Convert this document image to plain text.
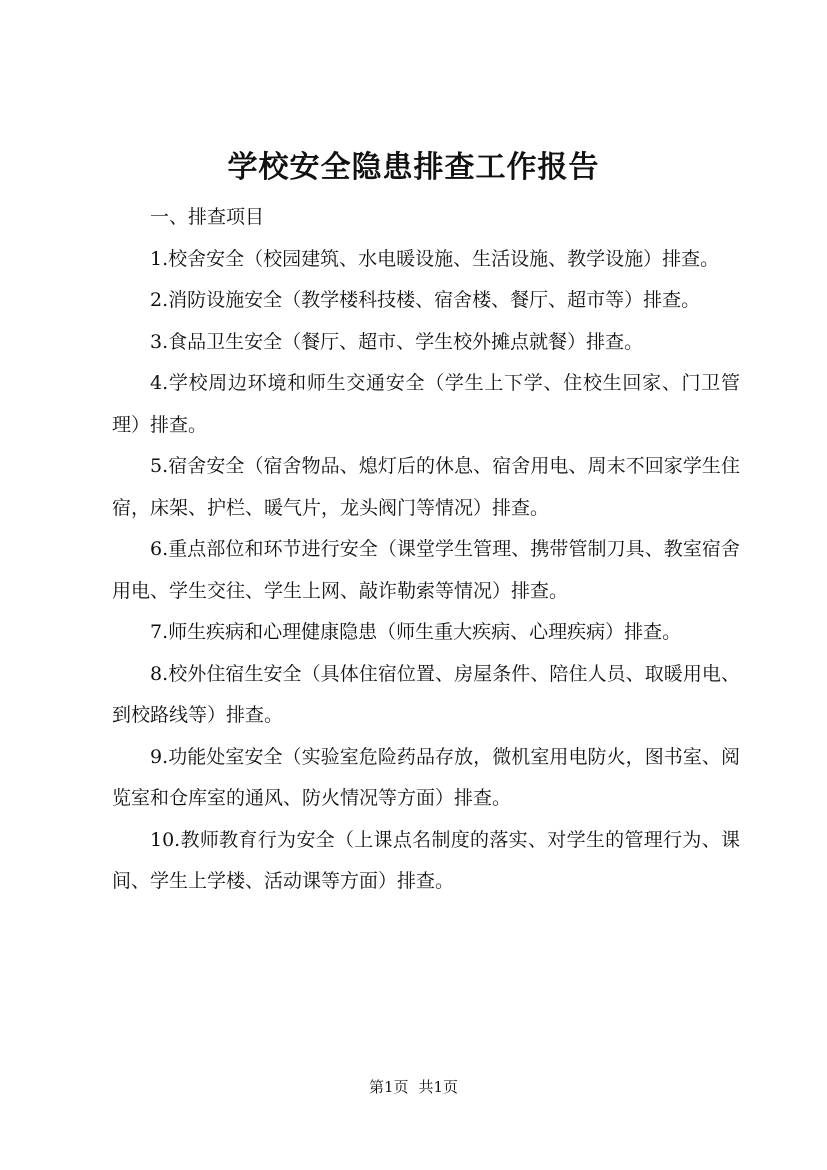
学校安全隐患排查工作报告

一、排查项目

1.校舍安全（校园建筑、水电暖设施、生活设施、教学设施）排查。

2.消防设施安全（教学楼科技楼、宿舍楼、餐厅、超市等）排查。

3.食品卫生安全（餐厅、超市、学生校外摊点就餐）排查。

4.学校周边环境和师生交通安全（学生上下学、住校生回家、门卫管理）排查。

5.宿舍安全（宿舍物品、熄灯后的休息、宿舍用电、周末不回家学生住宿，床架、护栏、暖气片，龙头阀门等情况）排查。

6.重点部位和环节进行安全（课堂学生管理、携带管制刀具、教室宿舍用电、学生交往、学生上网、敲诈勒索等情况）排查。

7.师生疾病和心理健康隐患（师生重大疾病、心理疾病）排查。

8.校外住宿生安全（具体住宿位置、房屋条件、陪住人员、取暖用电、到校路线等）排查。

9.功能处室安全（实验室危险药品存放，微机室用电防火，图书室、阅览室和仓库室的通风、防火情况等方面）排查。

10.教师教育行为安全（上课点名制度的落实、对学生的管理行为、课间、学生上学楼、活动课等方面）排查。

第1页 共1页
